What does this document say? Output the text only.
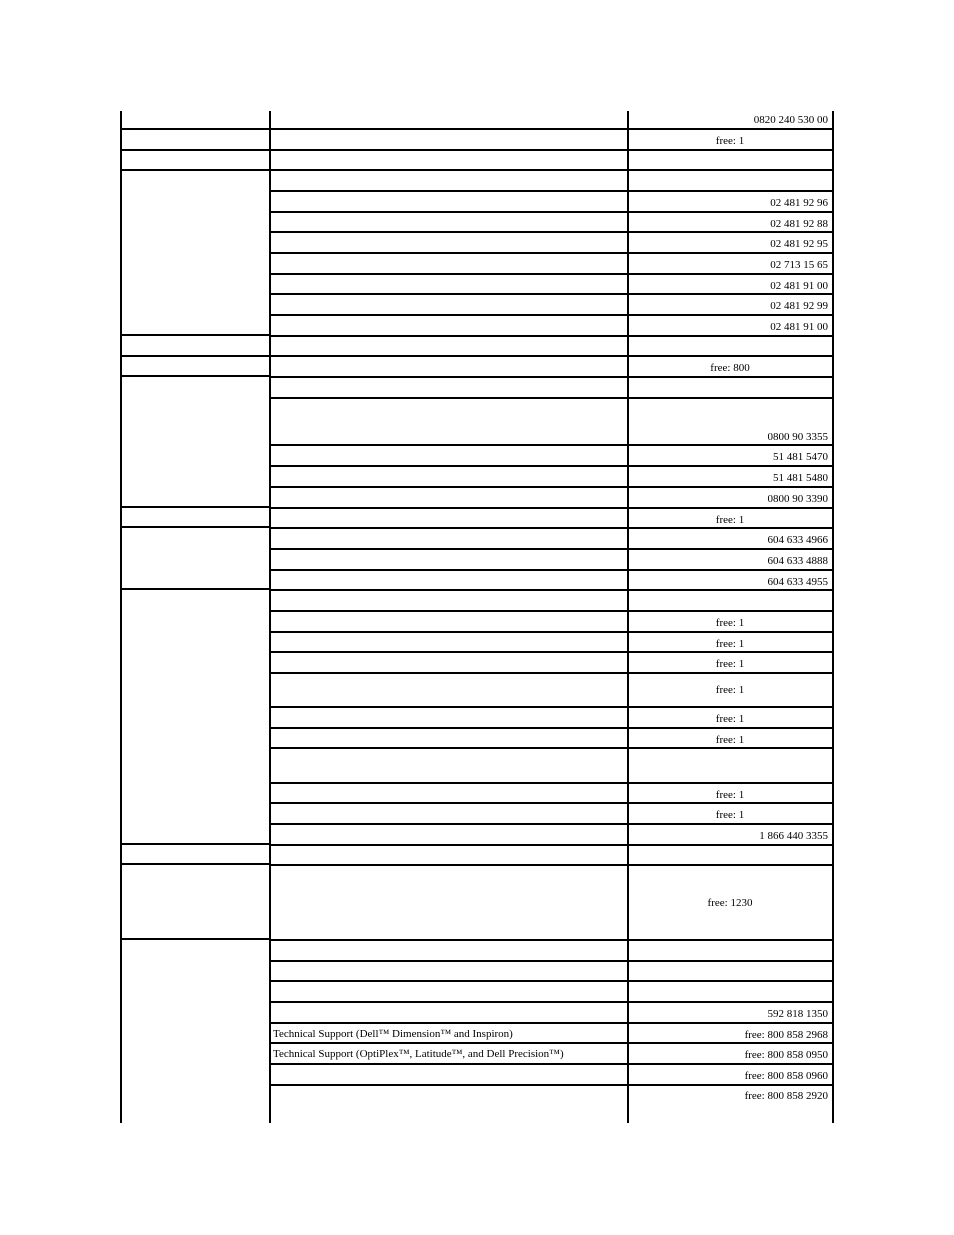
0820 240 530 00
free: 1
02 481 92 96
02 481 92 88
02 481 92 95
02 713 15 65
02 481 91 00
02 481 92 99
02 481 91 00
free: 800
0800 90 3355
51 481 5470
51 481 5480
0800 90 3390
free: 1
604 633 4966
604 633 4888
604 633 4955
free: 1
free: 1
free: 1
free: 1
free: 1
free: 1
free: 1
free: 1
1 866 440 3355
free: 1230
592 818 1350
Technical Support (Dell™ Dimension™ and Inspiron)	free: 800 858 2968
Technical Support (OptiPlex™, Latitude™, and Dell Precision™)	free: 800 858 0950
free: 800 858 0960
free: 800 858 2920
